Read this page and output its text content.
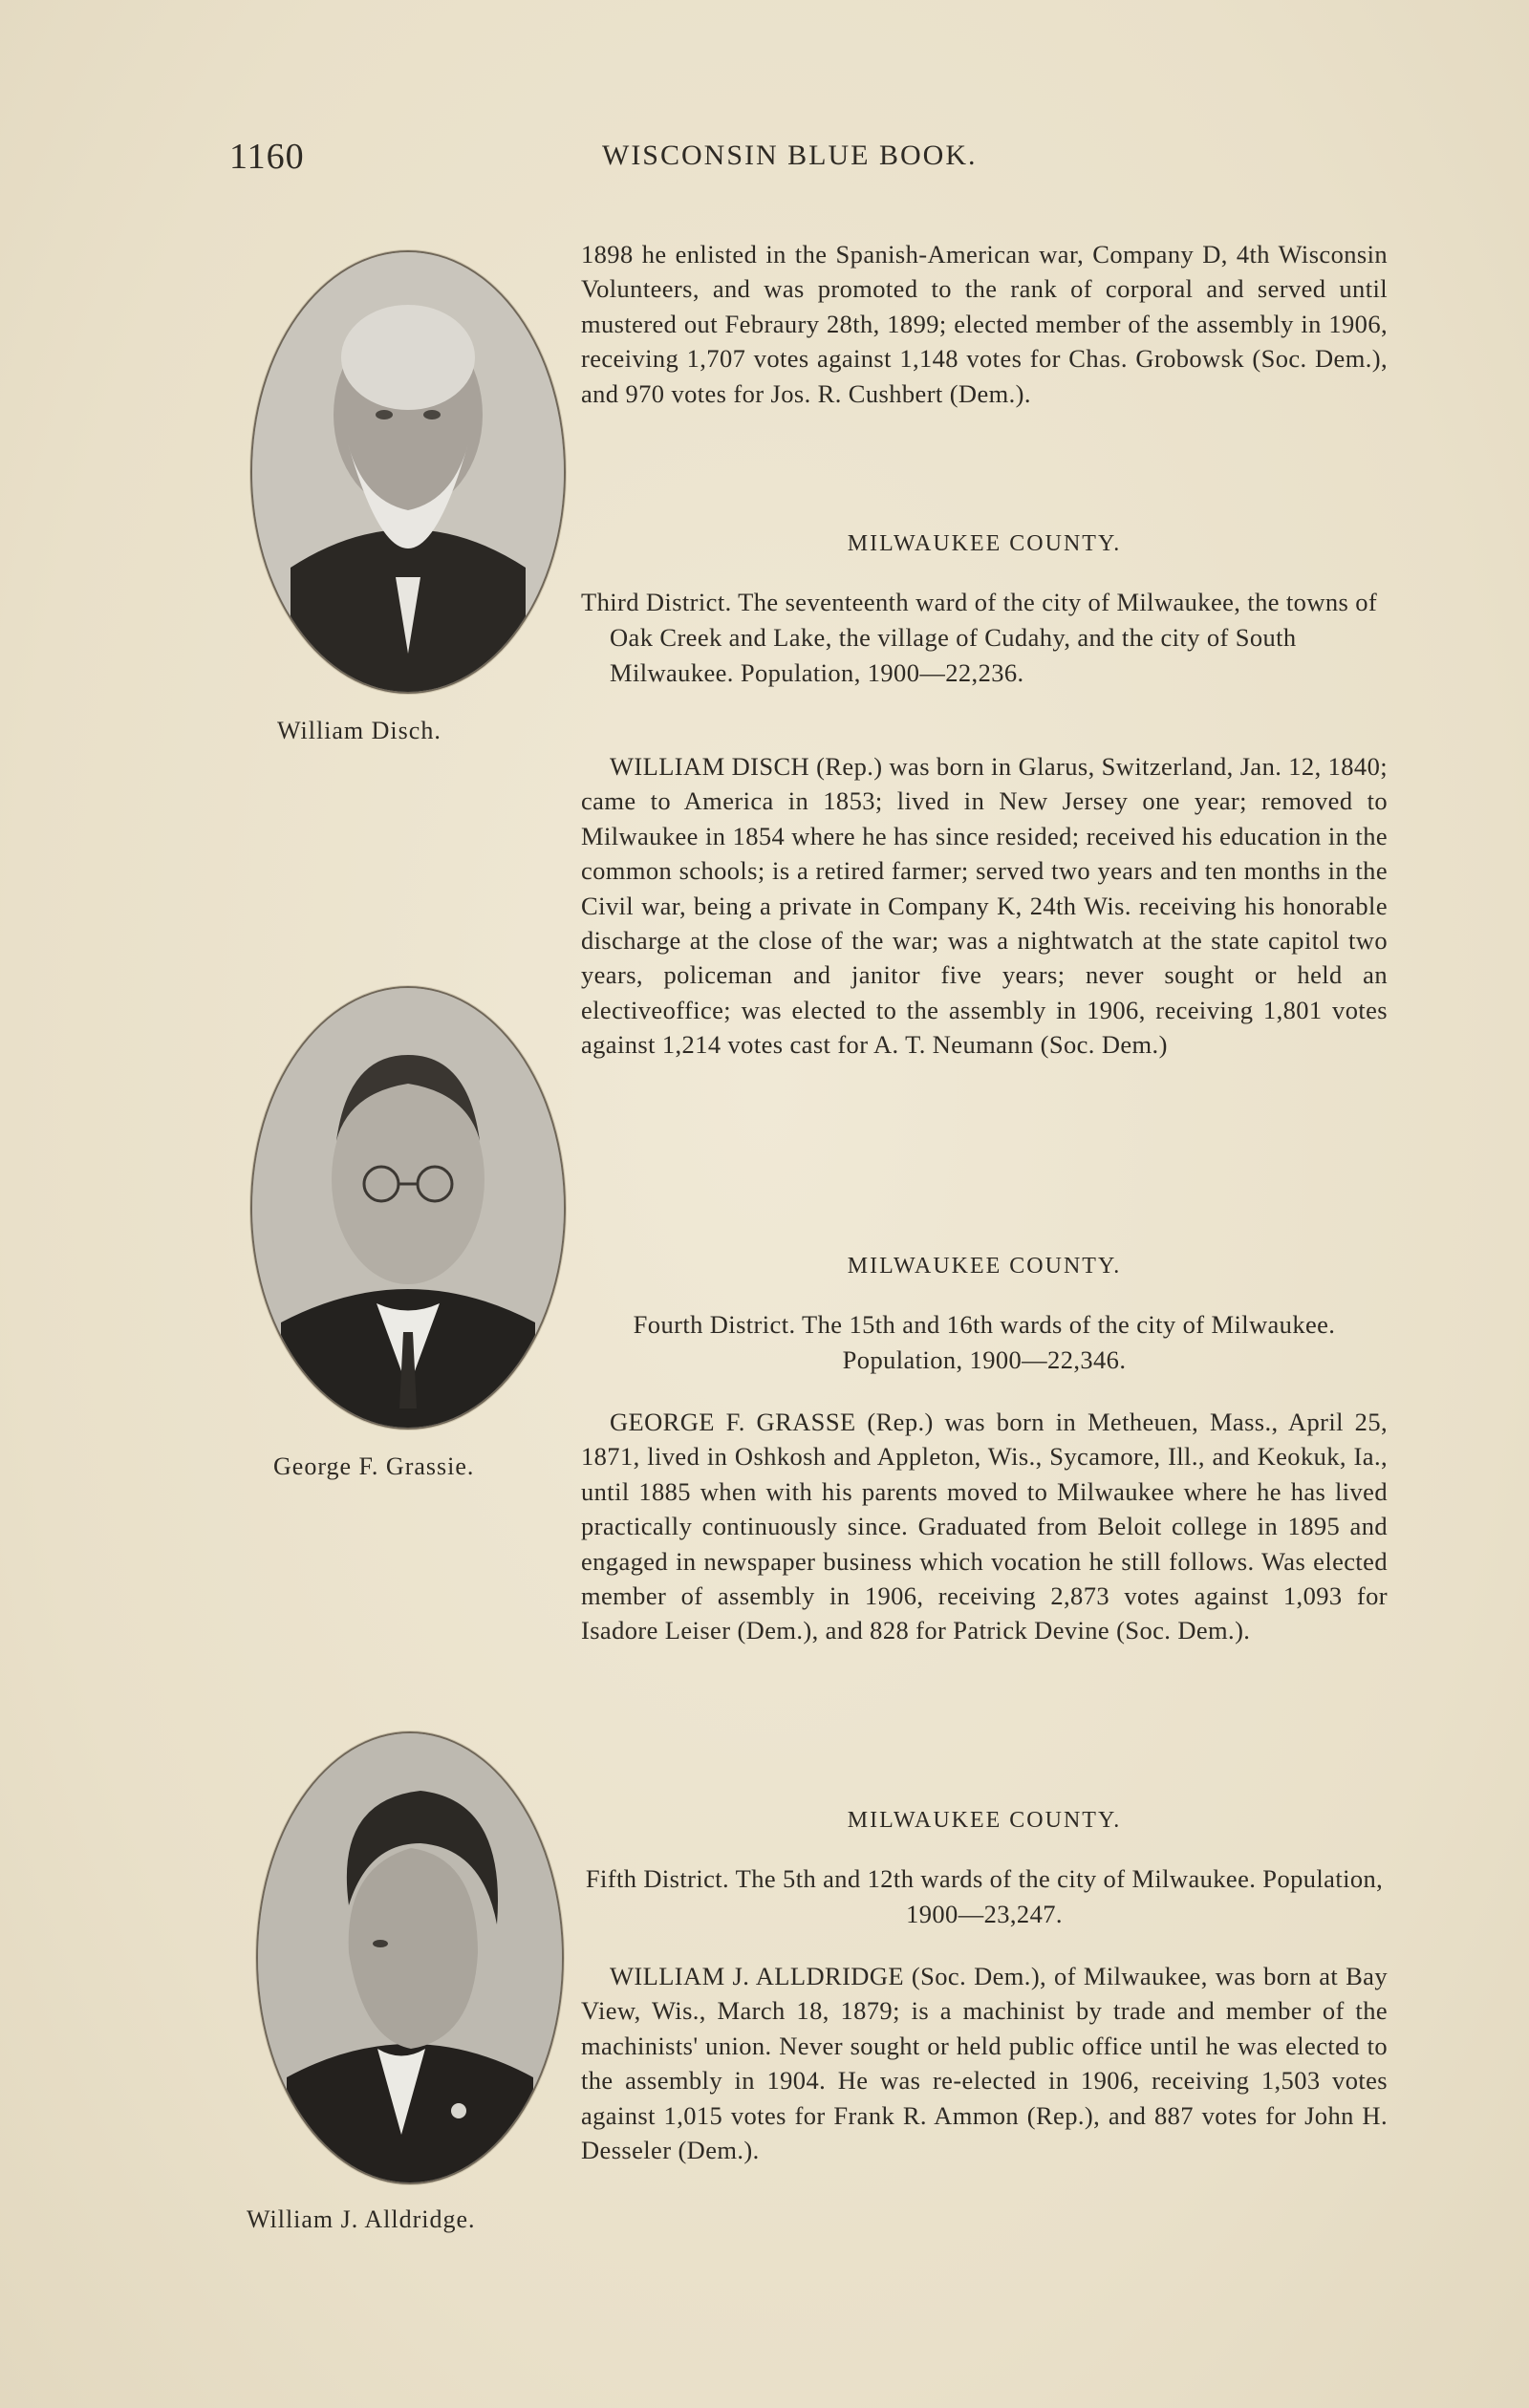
1160	WISCONSIN BLUE BOOK.
William Disch.
George F. Grassie.
William J. Alldridge.

1898 he enlisted in the Spanish-American war, Company D, 4th Wisconsin Volunteers, and was promoted to the rank of corporal and served until mustered out Febraury 28th, 1899; elected member of the assembly in 1906, receiving 1,707 votes against 1,148 votes for Chas. Grobowsk (Soc. Dem.), and 970 votes for Jos. R. Cushbert (Dem.).

MILWAUKEE COUNTY.

Third District. The seventeenth ward of the city of Milwaukee, the towns of Oak Creek and Lake, the village of Cudahy, and the city of South Milwaukee. Population, 1900—22,236.

WILLIAM DISCH (Rep.) was born in Glarus, Switzerland, Jan. 12, 1840; came to America in 1853; lived in New Jersey one year; removed to Milwaukee in 1854 where he has since resided; received his education in the common schools; is a retired farmer; served two years and ten months in the Civil war, being a private in Company K, 24th Wis. receiving his honorable discharge at the close of the war; was a nightwatch at the state capitol two years, policeman and janitor five years; never sought or held an electiveoffice; was elected to the assembly in 1906, receiving 1,801 votes against 1,214 votes cast for A. T. Neumann (Soc. Dem.)

MILWAUKEE COUNTY.

Fourth District. The 15th and 16th wards of the city of Milwaukee. Population, 1900—22,346.

GEORGE F. GRASSE (Rep.) was born in Metheuen, Mass., April 25, 1871, lived in Oshkosh and Appleton, Wis., Sycamore, Ill., and Keokuk, Ia., until 1885 when with his parents moved to Milwaukee where he has lived practically continuously since. Graduated from Beloit college in 1895 and engaged in newspaper business which vocation he still follows. Was elected member of assembly in 1906, receiving 2,873 votes against 1,093 for Isadore Leiser (Dem.), and 828 for Patrick Devine (Soc. Dem.).

MILWAUKEE COUNTY.

Fifth District. The 5th and 12th wards of the city of Milwaukee. Population, 1900—23,247.

WILLIAM J. ALLDRIDGE (Soc. Dem.), of Milwaukee, was born at Bay View, Wis., March 18, 1879; is a machinist by trade and member of the machinists' union. Never sought or held public office until he was elected to the assembly in 1904. He was re-elected in 1906, receiving 1,503 votes against 1,015 votes for Frank R. Ammon (Rep.), and 887 votes for John H. Desseler (Dem.).
